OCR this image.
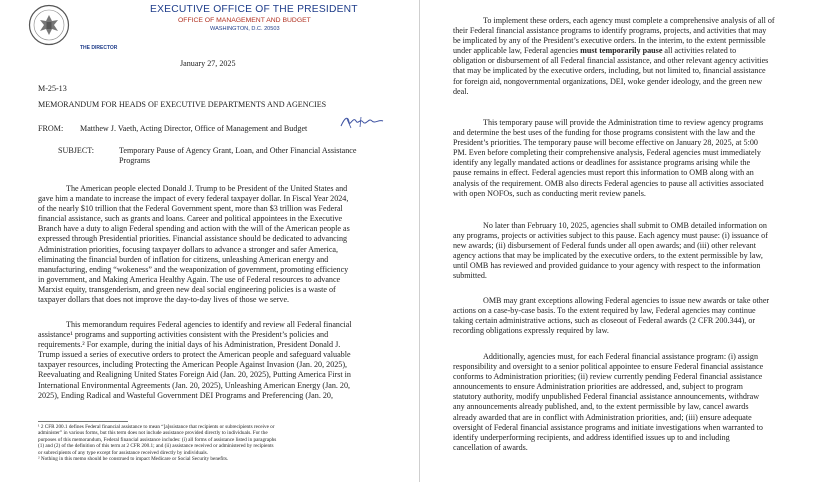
EXECUTIVE OFFICE OF THE PRESIDENT
OFFICE OF MANAGEMENT AND BUDGET
WASHINGTON, D.C. 20503
THE DIRECTOR
January 27, 2025
M-25-13
MEMORANDUM FOR HEADS OF EXECUTIVE DEPARTMENTS AND AGENCIES
FROM: Matthew J. Vaeth, Acting Director, Office of Management and Budget
SUBJECT:	Temporary Pause of Agency Grant, Loan, and Other Financial Assistance
Programs
The American people elected Donald J. Trump to be President of the United States and
gave him a mandate to increase the impact of every federal taxpayer dollar. In Fiscal Year 2024,
of the nearly $10 trillion that the Federal Government spent, more than $3 trillion was Federal
financial assistance, such as grants and loans. Career and political appointees in the Executive
Branch have a duty to align Federal spending and action with the will of the American people as
expressed through Presidential priorities. Financial assistance should be dedicated to advancing
Administration priorities, focusing taxpayer dollars to advance a stronger and safer America,
eliminating the financial burden of inflation for citizens, unleashing American energy and
manufacturing, ending “wokeness” and the weaponization of government, promoting efficiency
in government, and Making America Healthy Again. The use of Federal resources to advance
Marxist equity, transgenderism, and green new deal social engineering policies is a waste of
taxpayer dollars that does not improve the day-to-day lives of those we serve.
This memorandum requires Federal agencies to identify and review all Federal financial
assistance¹ programs and supporting activities consistent with the President’s policies and
requirements.² For example, during the initial days of his Administration, President Donald J.
Trump issued a series of executive orders to protect the American people and safeguard valuable
taxpayer resources, including Protecting the American People Against Invasion (Jan. 20, 2025),
Reevaluating and Realigning United States Foreign Aid (Jan. 20, 2025), Putting America First in
International Environmental Agreements (Jan. 20, 2025), Unleashing American Energy (Jan. 20,
2025), Ending Radical and Wasteful Government DEI Programs and Preferencing (Jan. 20,
¹ 2 CFR 200.1 defines Federal financial assistance to mean “[a]ssistance that recipients or subrecipients receive or
administer” in various forms, but this term does not include assistance provided directly to individuals. For the
purposes of this memorandum, Federal financial assistance includes: (i) all forms of assistance listed in paragraphs
(1) and (2) of the definition of this term at 2 CFR 200.1; and (ii) assistance received or administered by recipients
or subrecipients of any type except for assistance received directly by individuals.
² Nothing in this memo should be construed to impact Medicare or Social Security benefits.
To implement these orders, each agency must complete a comprehensive analysis of all of
their Federal financial assistance programs to identify programs, projects, and activities that may
be implicated by any of the President’s executive orders. In the interim, to the extent permissible
under applicable law, Federal agencies must temporarily pause all activities related to
obligation or disbursement of all Federal financial assistance, and other relevant agency activities
that may be implicated by the executive orders, including, but not limited to, financial assistance
for foreign aid, nongovernmental organizations, DEI, woke gender ideology, and the green new
deal.
This temporary pause will provide the Administration time to review agency programs
and determine the best uses of the funding for those programs consistent with the law and the
President’s priorities. The temporary pause will become effective on January 28, 2025, at 5:00
PM. Even before completing their comprehensive analysis, Federal agencies must immediately
identify any legally mandated actions or deadlines for assistance programs arising while the
pause remains in effect. Federal agencies must report this information to OMB along with an
analysis of the requirement. OMB also directs Federal agencies to pause all activities associated
with open NOFOs, such as conducting merit review panels.
No later than February 10, 2025, agencies shall submit to OMB detailed information on
any programs, projects or activities subject to this pause. Each agency must pause: (i) issuance of
new awards; (ii) disbursement of Federal funds under all open awards; and (iii) other relevant
agency actions that may be implicated by the executive orders, to the extent permissible by law,
until OMB has reviewed and provided guidance to your agency with respect to the information
submitted.
OMB may grant exceptions allowing Federal agencies to issue new awards or take other
actions on a case-by-case basis. To the extent required by law, Federal agencies may continue
taking certain administrative actions, such as closeout of Federal awards (2 CFR 200.344), or
recording obligations expressly required by law.
Additionally, agencies must, for each Federal financial assistance program: (i) assign
responsibility and oversight to a senior political appointee to ensure Federal financial assistance
conforms to Administration priorities; (ii) review currently pending Federal financial assistance
announcements to ensure Administration priorities are addressed, and, subject to program
statutory authority, modify unpublished Federal financial assistance announcements, withdraw
any announcements already published, and, to the extent permissible by law, cancel awards
already awarded that are in conflict with Administration priorities, and; (iii) ensure adequate
oversight of Federal financial assistance programs and initiate investigations when warranted to
identify underperforming recipients, and address identified issues up to and including
cancellation of awards.
